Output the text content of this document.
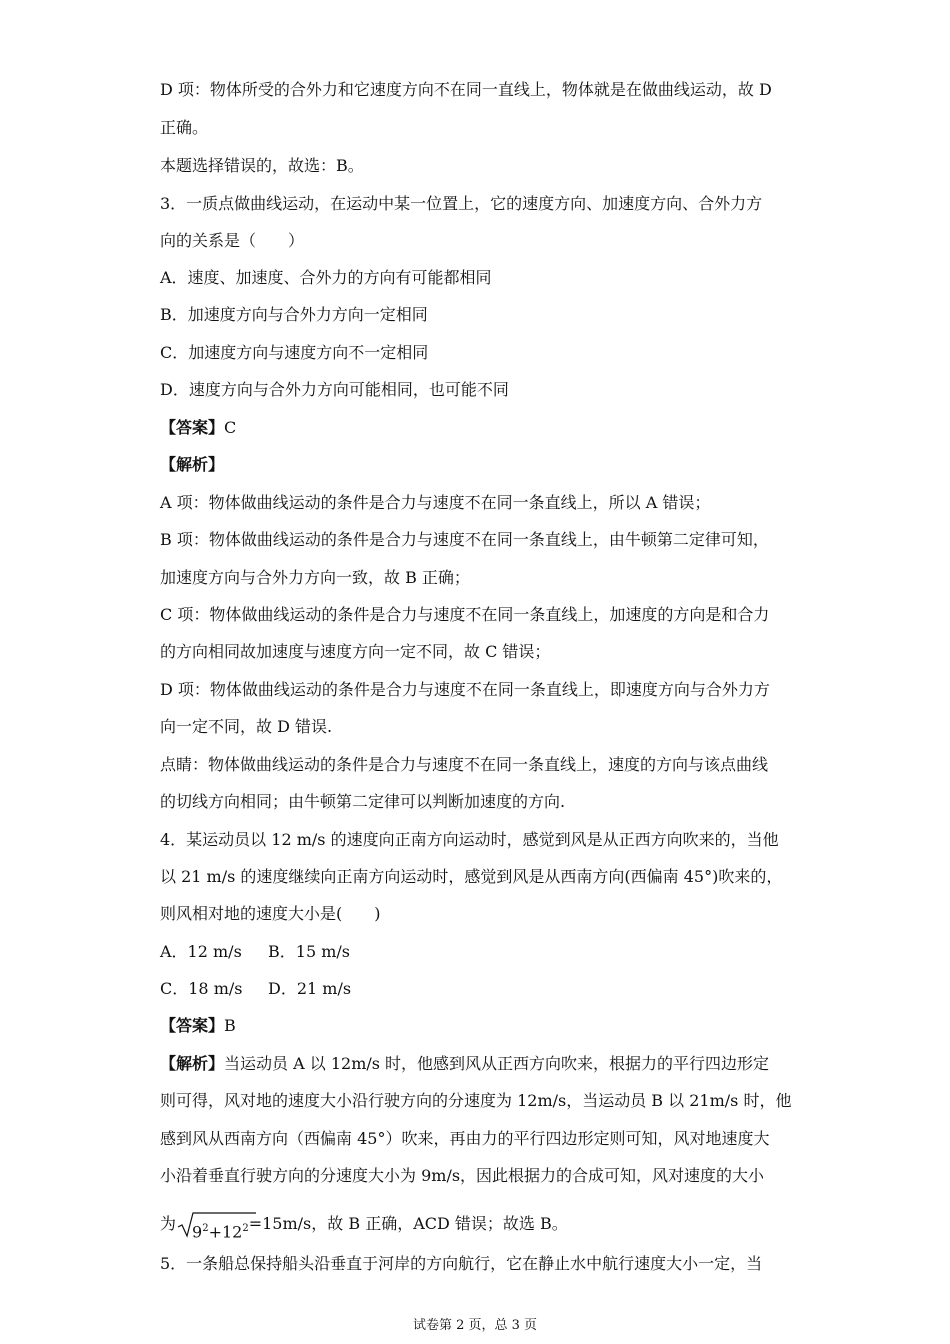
D 项：物体所受的合外力和它速度方向不在同一直线上，物体就是在做曲线运动，故 D
正确。
本题选择错误的，故选：B。
3．一质点做曲线运动，在运动中某一位置上，它的速度方向、加速度方向、合外力方
向的关系是（　　）
A．速度、加速度、合外力的方向有可能都相同
B．加速度方向与合外力方向一定相同
C．加速度方向与速度方向不一定相同
D．速度方向与合外力方向可能相同，也可能不同
【答案】C
【解析】
A 项：物体做曲线运动的条件是合力与速度不在同一条直线上，所以 A 错误；
B 项：物体做曲线运动的条件是合力与速度不在同一条直线上，由牛顿第二定律可知，
加速度方向与合外力方向一致，故 B 正确；
C 项：物体做曲线运动的条件是合力与速度不在同一条直线上，加速度的方向是和合力
的方向相同故加速度与速度方向一定不同，故 C 错误；
D 项：物体做曲线运动的条件是合力与速度不在同一条直线上，即速度方向与合外力方
向一定不同，故 D 错误.
点睛：物体做曲线运动的条件是合力与速度不在同一条直线上，速度的方向与该点曲线
的切线方向相同；由牛顿第二定律可以判断加速度的方向.
4．某运动员以 12 m/s 的速度向正南方向运动时，感觉到风是从正西方向吹来的，当他
以 21 m/s 的速度继续向正南方向运动时，感觉到风是从西南方向(西偏南 45°)吹来的，
则风相对地的速度大小是(　　)
A．12 m/s B．15 m/s
C．18 m/s D．21 m/s
【答案】B
【解析】当运动员 A 以 12m/s 时，他感到风从正西方向吹来，根据力的平行四边形定
则可得，风对地的速度大小沿行驶方向的分速度为 12m/s，当运动员 B 以 21m/s 时，他
感到风从西南方向（西偏南 45°）吹来，再由力的平行四边形定则可知，风对地速度大
小沿着垂直行驶方向的分速度大小为 9m/s，因此根据力的合成可知，风对速度的大小
为 $9^2+12^2=15m/s$，故 B 正确，ACD 错误；故选 B。
5．一条船总保持船头沿垂直于河岸的方向航行，它在静止水中航行速度大小一定，当
试卷第 2 页，总 3 页
